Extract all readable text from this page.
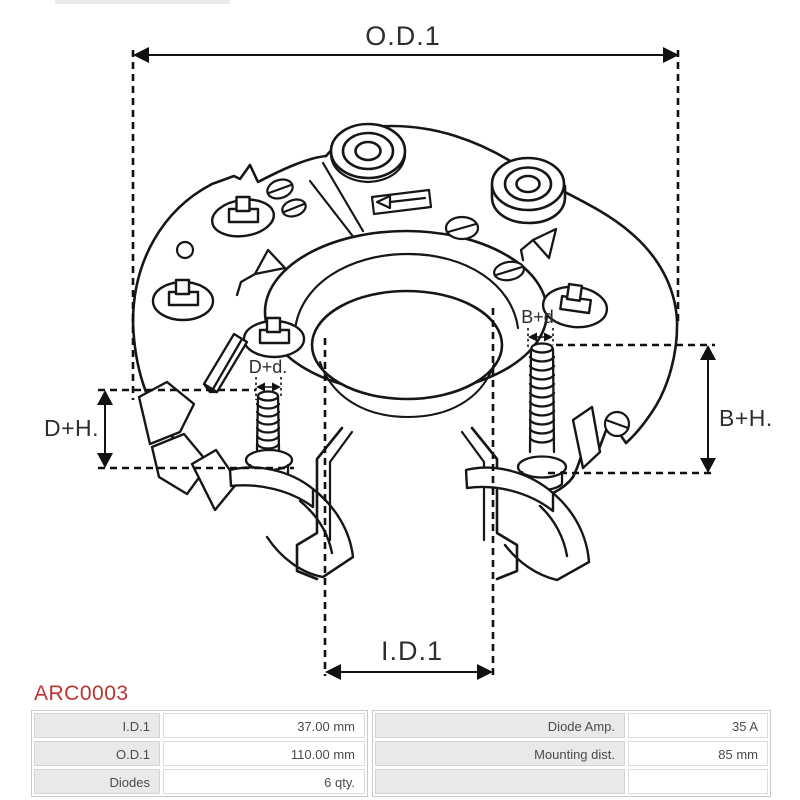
O.D.1
D+H.	B+H.
D+d.
B+d.
I.D.1
ARC0003
I.D.1	37.00 mm
O.D.1	110.00 mm
Diodes	6 qty.
Diode Amp.	35 A
Mounting dist.	85 mm
